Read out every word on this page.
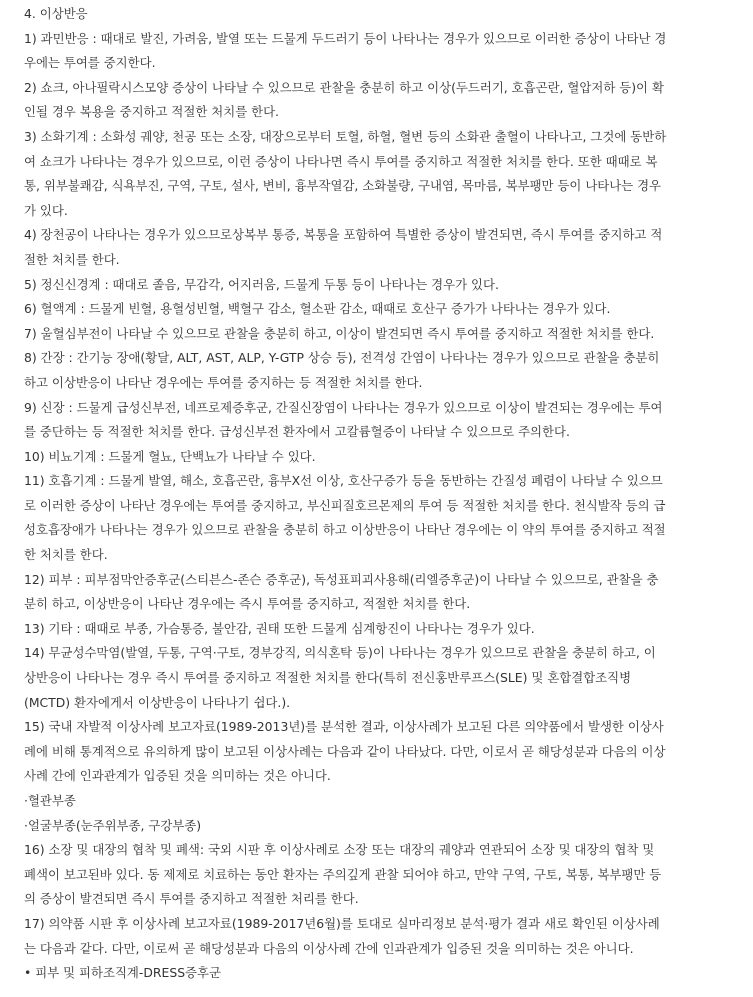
4. 이상반응

1) 과민반응 : 때대로 발진, 가려움, 발열 또는 드물게 두드러기 등이 나타나는 경우가 있으므로 이러한 증상이 나타난 경

우에는 투여를 중지한다.

2) 쇼크, 아나필락시스모양 증상이 나타날 수 있으므로 관찰을 충분히 하고 이상(두드러기, 호흡곤란, 혈압저하 등)이 확

인될 경우 복용을 중지하고 적절한 처치를 한다.

3) 소화기계 : 소화성 궤양, 천공 또는 소장, 대장으로부터 토혈, 하혈, 혈변 등의 소화관 출혈이 나타나고, 그것에 동반하

여 쇼크가 나타나는 경우가 있으므로, 이런 증상이 나타나면 즉시 투여를 중지하고 적절한 처치를 한다. 또한 때때로 복

통, 위부불쾌감, 식욕부진, 구역, 구토, 설사, 변비, 흉부작열감, 소화불량, 구내염, 목마름, 복부팽만 등이 나타나는 경우

가 있다.

4) 장천공이 나타나는 경우가 있으므로상복부 통증, 복통을 포함하여 특별한 증상이 발견되면, 즉시 투여를 중지하고 적

절한 처치를 한다.

5) 정신신경계 : 때대로 졸음, 무감각, 어지러움, 드물게 두통 등이 나타나는 경우가 있다.

6) 혈액계 : 드물게 빈혈, 용혈성빈혈, 백혈구 감소, 혈소판 감소, 때때로 호산구 증가가 나타나는 경우가 있다.

7) 울혈심부전이 나타날 수 있으므로 관찰을 충분히 하고, 이상이 발견되면 즉시 투여를 중지하고 적절한 처치를 한다.

8) 간장 : 간기능 장애(황달, ALT, AST, ALP, Y-GTP 상승 등), 전격성 간염이 나타나는 경우가 있으므로 관찰을 충분히

하고 이상반응이 나타난 경우에는 투여를 중지하는 등 적절한 처치를 한다.

9) 신장 : 드물게 급성신부전, 네프로제증후군, 간질신장염이 나타나는 경우가 있으므로 이상이 발견되는 경우에는 투여

를 중단하는 등 적절한 처치를 한다. 급성신부전 환자에서 고칼륨혈증이 나타날 수 있으므로 주의한다.

10) 비뇨기계 : 드물게 혈뇨, 단백뇨가 나타날 수 있다.

11) 호흡기계 : 드물게 발열, 해소, 호흡곤란, 흉부X선 이상, 호산구증가 등을 동반하는 간질성 폐렴이 나타날 수 있으므

로 이러한 증상이 나타난 경우에는 투여를 중지하고, 부신피질호르몬제의 투여 등 적절한 처치를 한다. 천식발작 등의 급

성호흡장애가 나타나는 경우가 있으므로 관찰을 충분히 하고 이상반응이 나타난 경우에는 이 약의 투여를 중지하고 적절

한 처치를 한다.

12) 피부 : 피부점막안증후군(스티븐스-존슨 증후군), 독성표피괴사용해(리엘증후군)이 나타날 수 있으므로, 관찰을 충

분히 하고, 이상반응이 나타난 경우에는 즉시 투여를 중지하고, 적절한 처치를 한다.

13) 기타 : 때때로 부종, 가슴통증, 불안감, 권태 또한 드물게 심계항진이 나타나는 경우가 있다.

14) 무균성수막염(발열, 두통, 구역·구토, 경부강직, 의식혼탁 등)이 나타나는 경우가 있으므로 관찰을 충분히 하고, 이

상반응이 나타나는 경우 즉시 투여를 중지하고 적절한 처치를 한다(특히 전신홍반루프스(SLE) 및 혼합결합조직병

(MCTD) 환자에게서 이상반응이 나타나기 쉽다.).

15) 국내 자발적 이상사례 보고자료(1989-2013년)를 분석한 결과, 이상사례가 보고된 다른 의약품에서 발생한 이상사

례에 비해 통계적으로 유의하게 많이 보고된 이상사례는 다음과 같이 나타났다. 다만, 이로서 곧 해당성분과 다음의 이상

사례 간에 인과관계가 입증된 것을 의미하는 것은 아니다.

·혈관부종

·얼굴부종(눈주위부종, 구강부종)

16) 소장 및 대장의 협착 및 폐색: 국외 시판 후 이상사례로 소장 또는 대장의 궤양과 연관되어 소장 및 대장의 협착 및

폐색이 보고된바 있다. 동 제제로 치료하는 동안 환자는 주의깊게 관찰 되어야 하고, 만약 구역, 구토, 복통, 복부팽만 등

의 증상이 발견되면 즉시 투여를 중지하고 적절한 처리를 한다.

17) 의약품 시판 후 이상사례 보고자료(1989-2017년6월)를 토대로 실마리정보 분석·평가 결과 새로 확인된 이상사례

는 다음과 같다. 다만, 이로써 곧 해당성분과 다음의 이상사례 간에 인과관계가 입증된 것을 의미하는 것은 아니다.

• 피부 및 피하조직계-DRESS증후군
